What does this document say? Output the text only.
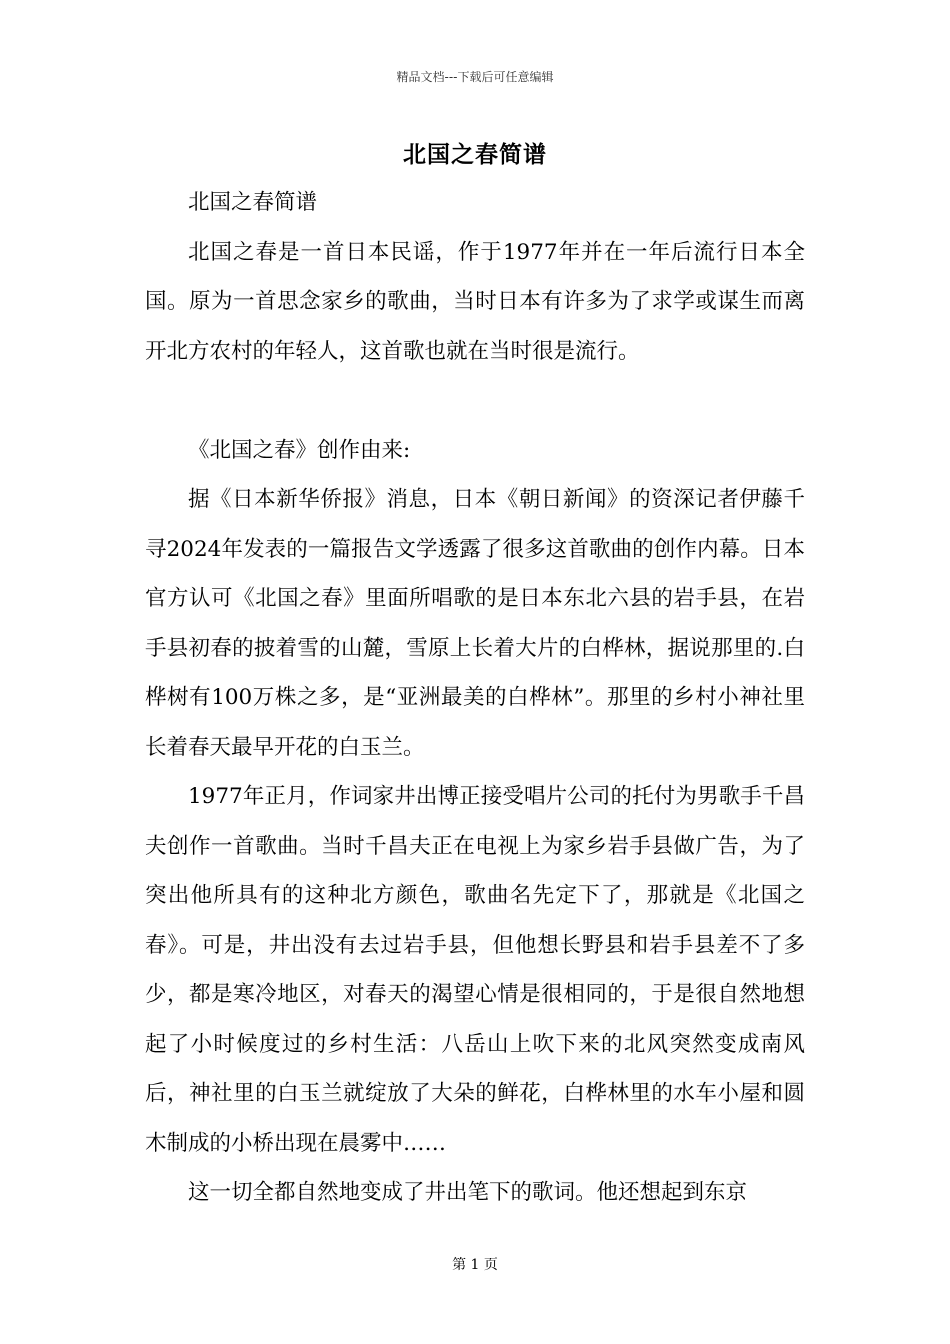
精品文档---下载后可任意编辑
北国之春简谱

北国之春简谱

北国之春是一首日本民谣，作于1977年并在一年后流行日本全国。原为一首思念家乡的歌曲，当时日本有许多为了求学或谋生而离开北方农村的年轻人，这首歌也就在当时很是流行。

《北国之春》创作由来:

据《日本新华侨报》消息，日本《朝日新闻》的资深记者伊藤千寻2024年发表的一篇报告文学透露了很多这首歌曲的创作内幕。日本官方认可《北国之春》里面所唱歌的是日本东北六县的岩手县，在岩手县初春的披着雪的山麓，雪原上长着大片的白桦林，据说那里的.白桦树有100万株之多，是“亚洲最美的白桦林”。那里的乡村小神社里长着春天最早开花的白玉兰。

1977年正月，作词家井出博正接受唱片公司的托付为男歌手千昌夫创作一首歌曲。当时千昌夫正在电视上为家乡岩手县做广告，为了突出他所具有的这种北方颜色，歌曲名先定下了，那就是《北国之春》。可是，井出没有去过岩手县，但他想长野县和岩手县差不了多少，都是寒冷地区，对春天的渴望心情是很相同的，于是很自然地想起了小时候度过的乡村生活：八岳山上吹下来的北风突然变成南风后，神社里的白玉兰就绽放了大朵的鲜花，白桦林里的水车小屋和圆木制成的小桥出现在晨雾中……

这一切全都自然地变成了井出笔下的歌词。他还想起到东京

第 1 页
